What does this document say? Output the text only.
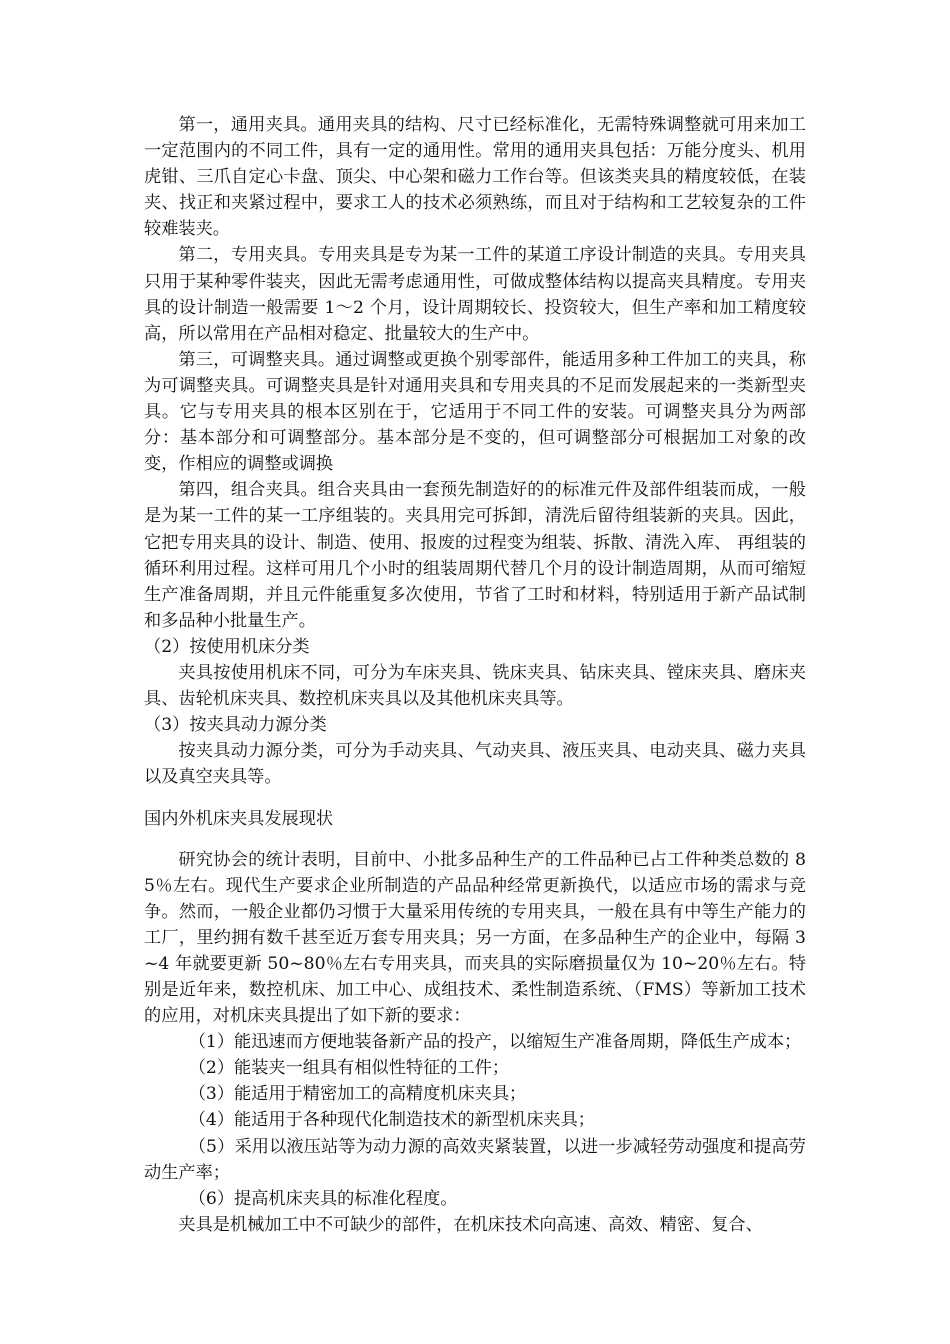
第一，通用夹具。通用夹具的结构、尺寸已经标准化，无需特殊调整就可用来加工一定范围内的不同工件，具有一定的通用性。常用的通用夹具包括：万能分度头、机用虎钳、三爪自定心卡盘、顶尖、中心架和磁力工作台等。但该类夹具的精度较低，在装夹、找正和夹紧过程中，要求工人的技术必须熟练，而且对于结构和工艺较复杂的工件较难装夹。

第二，专用夹具。专用夹具是专为某一工件的某道工序设计制造的夹具。专用夹具只用于某种零件装夹，因此无需考虑通用性，可做成整体结构以提高夹具精度。专用夹具的设计制造一般需要 1～2 个月，设计周期较长、投资较大，但生产率和加工精度较高，所以常用在产品相对稳定、批量较大的生产中。

第三，可调整夹具。通过调整或更换个别零部件，能适用多种工件加工的夹具，称为可调整夹具。可调整夹具是针对通用夹具和专用夹具的不足而发展起来的一类新型夹具。它与专用夹具的根本区别在于，它适用于不同工件的安装。可调整夹具分为两部分：基本部分和可调整部分。基本部分是不变的，但可调整部分可根据加工对象的改变，作相应的调整或调换

第四，组合夹具。组合夹具由一套预先制造好的的标准元件及部件组装而成，一般是为某一工件的某一工序组装的。夹具用完可拆卸，清洗后留待组装新的夹具。因此，它把专用夹具的设计、制造、使用、报废的过程变为组装、拆散、清洗入库、 再组装的循环利用过程。这样可用几个小时的组装周期代替几个月的设计制造周期，从而可缩短生产准备周期，并且元件能重复多次使用，节省了工时和材料，特别适用于新产品试制和多品种小批量生产。

（2）按使用机床分类

夹具按使用机床不同，可分为车床夹具、铣床夹具、钻床夹具、镗床夹具、磨床夹具、齿轮机床夹具、数控机床夹具以及其他机床夹具等。

（3）按夹具动力源分类

按夹具动力源分类，可分为手动夹具、气动夹具、液压夹具、电动夹具、磁力夹具以及真空夹具等。

国内外机床夹具发展现状

研究协会的统计表明，目前中、小批多品种生产的工件品种已占工件种类总数的 85％左右。现代生产要求企业所制造的产品品种经常更新换代，以适应市场的需求与竞争。然而，一般企业都仍习惯于大量采用传统的专用夹具，一般在具有中等生产能力的工厂，里约拥有数千甚至近万套专用夹具；另一方面，在多品种生产的企业中，每隔 3~4 年就要更新 50~80％左右专用夹具，而夹具的实际磨损量仅为 10~20％左右。特别是近年来，数控机床、加工中心、成组技术、柔性制造系统、（FMS）等新加工技术的应用，对机床夹具提出了如下新的要求：

（1）能迅速而方便地装备新产品的投产，以缩短生产准备周期，降低生产成本；

（2）能装夹一组具有相似性特征的工件；

（3）能适用于精密加工的高精度机床夹具；

（4）能适用于各种现代化制造技术的新型机床夹具；

（5）采用以液压站等为动力源的高效夹紧装置，以进一步减轻劳动强度和提高劳动生产率；

（6）提高机床夹具的标准化程度。

夹具是机械加工中不可缺少的部件，在机床技术向高速、高效、精密、复合、
